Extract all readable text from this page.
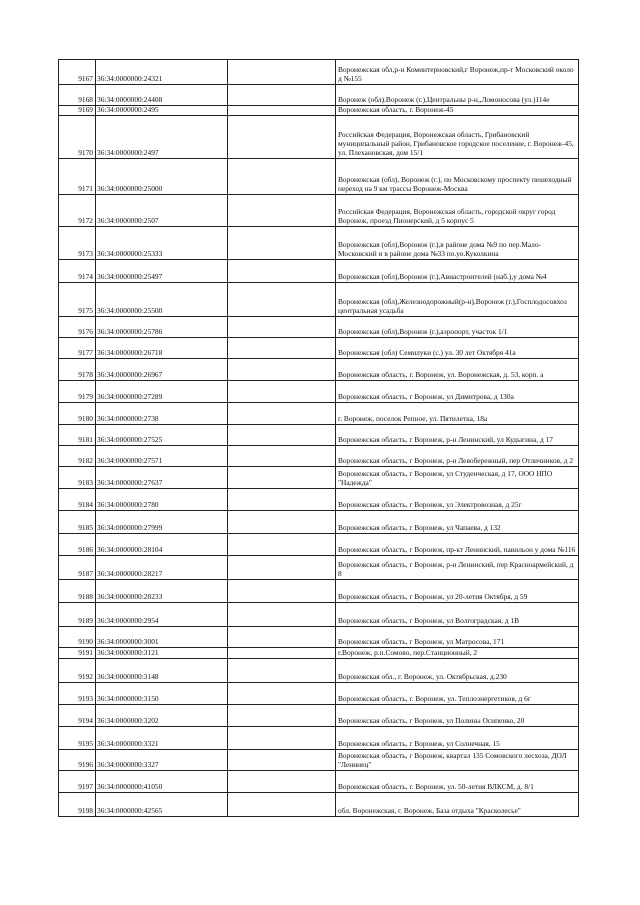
9167	36:34:0000000:24321		Воронежская обл,р-н Коминтерновский,г Воронеж,пр-т Московский около д №155
9168	36:34:0000000:24408		Воронеж (обл).Воронеж (г.),Центральны р-н,,Ломоносова (ул.)114е
9169	36:34:0000000:2495		Воронежская область, г. Воронеж-45
9170	36:34:0000000:2497		Российская Федерация, Воронежская область, Грибановский муниципальный район, Грибановское городское поселение, г. Воронеж-45, ул. Плехановская, дом 15/1
9171	36:34:0000000:25000		Воронежская (обл), Воронеж (г.), по Московскому проспекту пешеходный переход на 9 км трассы Воронеж-Москва
9172	36:34:0000000:2507		Российская Федерация, Воронежская область, городской округ город Воронеж, проезд Пионерский, д 5 корпус 5
9173	36:34:0000000:25333		Воронежская (обл),Воронеж (г.),в районе дома №9 по пер.Мало-Московский и в районе дома №33 по.уо.Куколкина
9174	36:34:0000000:25497		Воронежская (обл),Воронеж (г.),Авиастроителей (наб.),у дома №4
9175	36:34:0000000:25500		Воронежская (обл),Железнодорожный(р-н),Воронеж (г.),Госплодосовхоз центральная усадьба
9176	36:34:0000000:25786		Воронежская (обл),Воронеж (г.),аэропорт, участок 1/1
9177	36:34:0000000:26718		Воронежская (обл) Семилуки (с.) ул. 30 лет Октября 41а
9178	36:34:0000000:26967		Воронежская область, г. Воронеж, ул. Воронежская, д. 53, корп. а
9179	36:34:0000000:27289		Воронежская область, г Воронеж, ул Димитрова, д 130а
9180	36:34:0000000:2738		г. Воронеж, поселок Репное, ул. Пятилетка, 18а
9181	36:34:0000000:27525		Воронежская область, г Воронеж, р-н Ленинский, ул Кудыгина, д 17
9182	36:34:0000000:27571		Воронежская область, г Воронеж, р-н Левобережный, пер Отличников, д 2
9183	36:34:0000000:27637		Воронежская область, г Воронеж, ул Студенческая, д 17, ООО НПО "Надежда"
9184	36:34:0000000:2780		Воронежская область, г Воронеж, ул Электровозная, д 25г
9185	36:34:0000000:27999		Воронежская область, г Воронеж, ул Чапаева, д 132
9186	36:34:0000000:28104		Воронежская область, г Воронеж, пр-кт Ленинский, павильон у дома №116
9187	36:34:0000000:28217		Воронежская область, г Воронеж, р-н Ленинский, пер Красноармейский, д 8
9188	36:34:0000000:28233		Воронежская область, г Воронеж, ул 20-летия Октября, д 59
9189	36:34:0000000:2954		Воронежская область, г Воронеж, ул Волгоградская, д 1В
9190	36:34:0000000:3001		Воронежская область, г Воронеж, ул Матросова, 171
9191	36:34:0000000:3121		г.Воронеж, р.п.Сомово, пер.Станционный, 2
9192	36:34:0000000:3148		Воронежская обл., г. Воронеж, ул. Октябрьская, д.230
9193	36:34:0000000:3150		Воронежская область, г. Воронеж, ул. Теплоэнергетиков, д 6г
9194	36:34:0000000:3202		Воронежская область, г Воронеж, ул Полины Осипенко, 20
9195	36:34:0000000:3321		Воронежская область, г Воронеж, ул Солнечная, 15
9196	36:34:0000000:3327		Воронежская область, г Воронеж, квартал 135 Сомовского лесхоза, ДОЛ "Ленинец"
9197	36:34:0000000:41050		Воронежская область, г. Воронеж, ул. 50-летия ВЛКСМ, д. 8/1
9198	36:34:0000000:42565		обл. Воронежская, г. Воронеж, База отдыха "Красколесье"
